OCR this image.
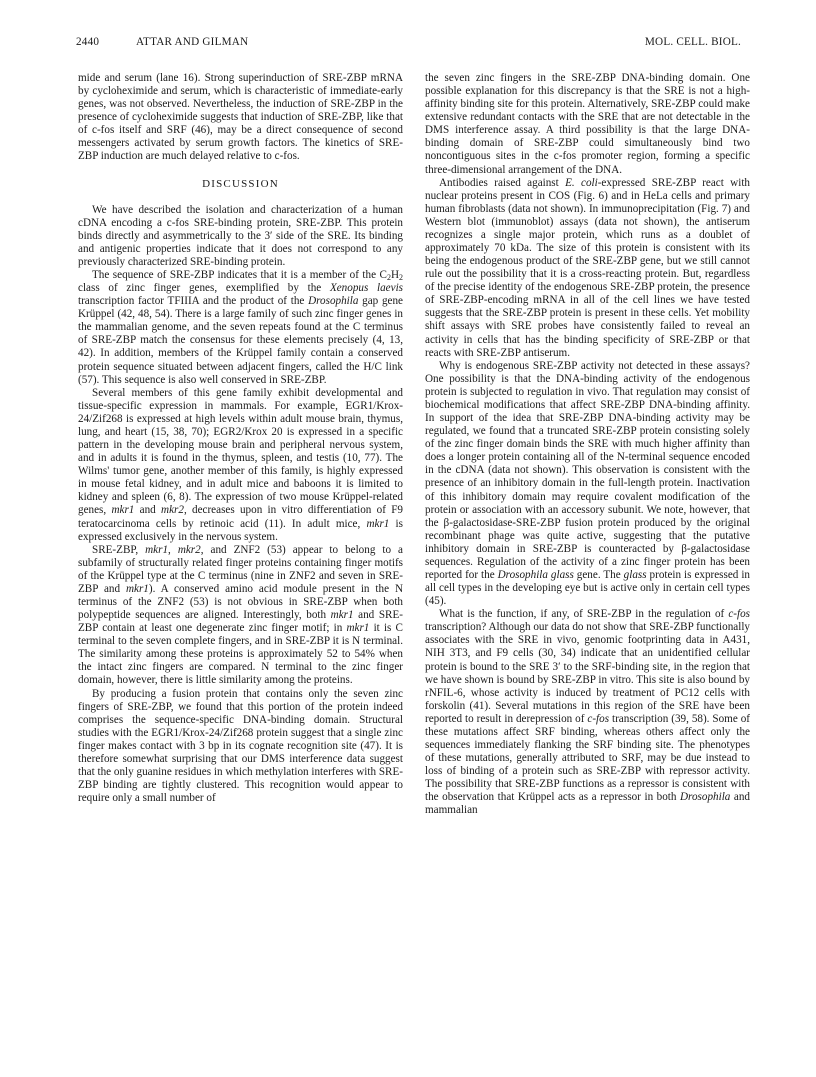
2440	ATTAR AND GILMAN	MOL. CELL. BIOL.

mide and serum (lane 16). Strong superinduction of SRE-ZBP mRNA by cycloheximide and serum, which is characteristic of immediate-early genes, was not observed. Nevertheless, the induction of SRE-ZBP in the presence of cycloheximide suggests that induction of SRE-ZBP, like that of c-fos itself and SRF (46), may be a direct consequence of second messengers activated by serum growth factors. The kinetics of SRE-ZBP induction are much delayed relative to c-fos.

DISCUSSION

We have described the isolation and characterization of a human cDNA encoding a c-fos SRE-binding protein, SRE-ZBP. This protein binds directly and asymmetrically to the 3′ side of the SRE. Its binding and antigenic properties indicate that it does not correspond to any previously characterized SRE-binding protein.

The sequence of SRE-ZBP indicates that it is a member of the $C_2H_2$ class of zinc finger genes, exemplified by the Xenopus laevis transcription factor TFIIIA and the product of the Drosophila gap gene Krüppel (42, 48, 54). There is a large family of such zinc finger genes in the mammalian genome, and the seven repeats found at the C terminus of SRE-ZBP match the consensus for these elements precisely (4, 13, 42). In addition, members of the Krüppel family contain a conserved protein sequence situated between adjacent fingers, called the H/C link (57). This sequence is also well conserved in SRE-ZBP.

Several members of this gene family exhibit developmental and tissue-specific expression in mammals. For example, EGR1/Krox-24/Zif268 is expressed at high levels within adult mouse brain, thymus, lung, and heart (15, 38, 70); EGR2/Krox 20 is expressed in a specific pattern in the developing mouse brain and peripheral nervous system, and in adults it is found in the thymus, spleen, and testis (10, 77). The Wilms' tumor gene, another member of this family, is highly expressed in mouse fetal kidney, and in adult mice and baboons it is limited to kidney and spleen (6, 8). The expression of two mouse Krüppel-related genes, mkr1 and mkr2, decreases upon in vitro differentiation of F9 teratocarcinoma cells by retinoic acid (11). In adult mice, mkr1 is expressed exclusively in the nervous system.

SRE-ZBP, mkr1, mkr2, and ZNF2 (53) appear to belong to a subfamily of structurally related finger proteins containing finger motifs of the Krüppel type at the C terminus (nine in ZNF2 and seven in SRE-ZBP and mkr1). A conserved amino acid module present in the N terminus of the ZNF2 (53) is not obvious in SRE-ZBP when both polypeptide sequences are aligned. Interestingly, both mkr1 and SRE-ZBP contain at least one degenerate zinc finger motif; in mkr1 it is C terminal to the seven complete fingers, and in SRE-ZBP it is N terminal. The similarity among these proteins is approximately 52 to 54% when the intact zinc fingers are compared. N terminal to the zinc finger domain, however, there is little similarity among the proteins.

By producing a fusion protein that contains only the seven zinc fingers of SRE-ZBP, we found that this portion of the protein indeed comprises the sequence-specific DNA-binding domain. Structural studies with the EGR1/Krox-24/Zif268 protein suggest that a single zinc finger makes contact with 3 bp in its cognate recognition site (47). It is therefore somewhat surprising that our DMS interference data suggest that the only guanine residues in which methylation interferes with SRE-ZBP binding are tightly clustered. This recognition would appear to require only a small number of

the seven zinc fingers in the SRE-ZBP DNA-binding domain. One possible explanation for this discrepancy is that the SRE is not a high-affinity binding site for this protein. Alternatively, SRE-ZBP could make extensive redundant contacts with the SRE that are not detectable in the DMS interference assay. A third possibility is that the large DNA-binding domain of SRE-ZBP could simultaneously bind two noncontiguous sites in the c-fos promoter region, forming a specific three-dimensional arrangement of the DNA.

Antibodies raised against E. coli-expressed SRE-ZBP react with nuclear proteins present in COS (Fig. 6) and in HeLa cells and primary human fibroblasts (data not shown). In immunoprecipitation (Fig. 7) and Western blot (immunoblot) assays (data not shown), the antiserum recognizes a single major protein, which runs as a doublet of approximately 70 kDa. The size of this protein is consistent with its being the endogenous product of the SRE-ZBP gene, but we still cannot rule out the possibility that it is a cross-reacting protein. But, regardless of the precise identity of the endogenous SRE-ZBP protein, the presence of SRE-ZBP-encoding mRNA in all of the cell lines we have tested suggests that the SRE-ZBP protein is present in these cells. Yet mobility shift assays with SRE probes have consistently failed to reveal an activity in cells that has the binding specificity of SRE-ZBP or that reacts with SRE-ZBP antiserum.

Why is endogenous SRE-ZBP activity not detected in these assays? One possibility is that the DNA-binding activity of the endogenous protein is subjected to regulation in vivo. That regulation may consist of biochemical modifications that affect SRE-ZBP DNA-binding affinity. In support of the idea that SRE-ZBP DNA-binding activity may be regulated, we found that a truncated SRE-ZBP protein consisting solely of the zinc finger domain binds the SRE with much higher affinity than does a longer protein containing all of the N-terminal sequence encoded in the cDNA (data not shown). This observation is consistent with the presence of an inhibitory domain in the full-length protein. Inactivation of this inhibitory domain may require covalent modification of the protein or association with an accessory subunit. We note, however, that the β-galactosidase-SRE-ZBP fusion protein produced by the original recombinant phage was quite active, suggesting that the putative inhibitory domain in SRE-ZBP is counteracted by β-galactosidase sequences. Regulation of the activity of a zinc finger protein has been reported for the Drosophila glass gene. The glass protein is expressed in all cell types in the developing eye but is active only in certain cell types (45).

What is the function, if any, of SRE-ZBP in the regulation of c-fos transcription? Although our data do not show that SRE-ZBP functionally associates with the SRE in vivo, genomic footprinting data in A431, NIH 3T3, and F9 cells (30, 34) indicate that an unidentified cellular protein is bound to the SRE 3′ to the SRF-binding site, in the region that we have shown is bound by SRE-ZBP in vitro. This site is also bound by rNFIL-6, whose activity is induced by treatment of PC12 cells with forskolin (41). Several mutations in this region of the SRE have been reported to result in derepression of c-fos transcription (39, 58). Some of these mutations affect SRF binding, whereas others affect only the sequences immediately flanking the SRF binding site. The phenotypes of these mutations, generally attributed to SRF, may be due instead to loss of binding of a protein such as SRE-ZBP with repressor activity. The possibility that SRE-ZBP functions as a repressor is consistent with the observation that Krüppel acts as a repressor in both Drosophila and mammalian
